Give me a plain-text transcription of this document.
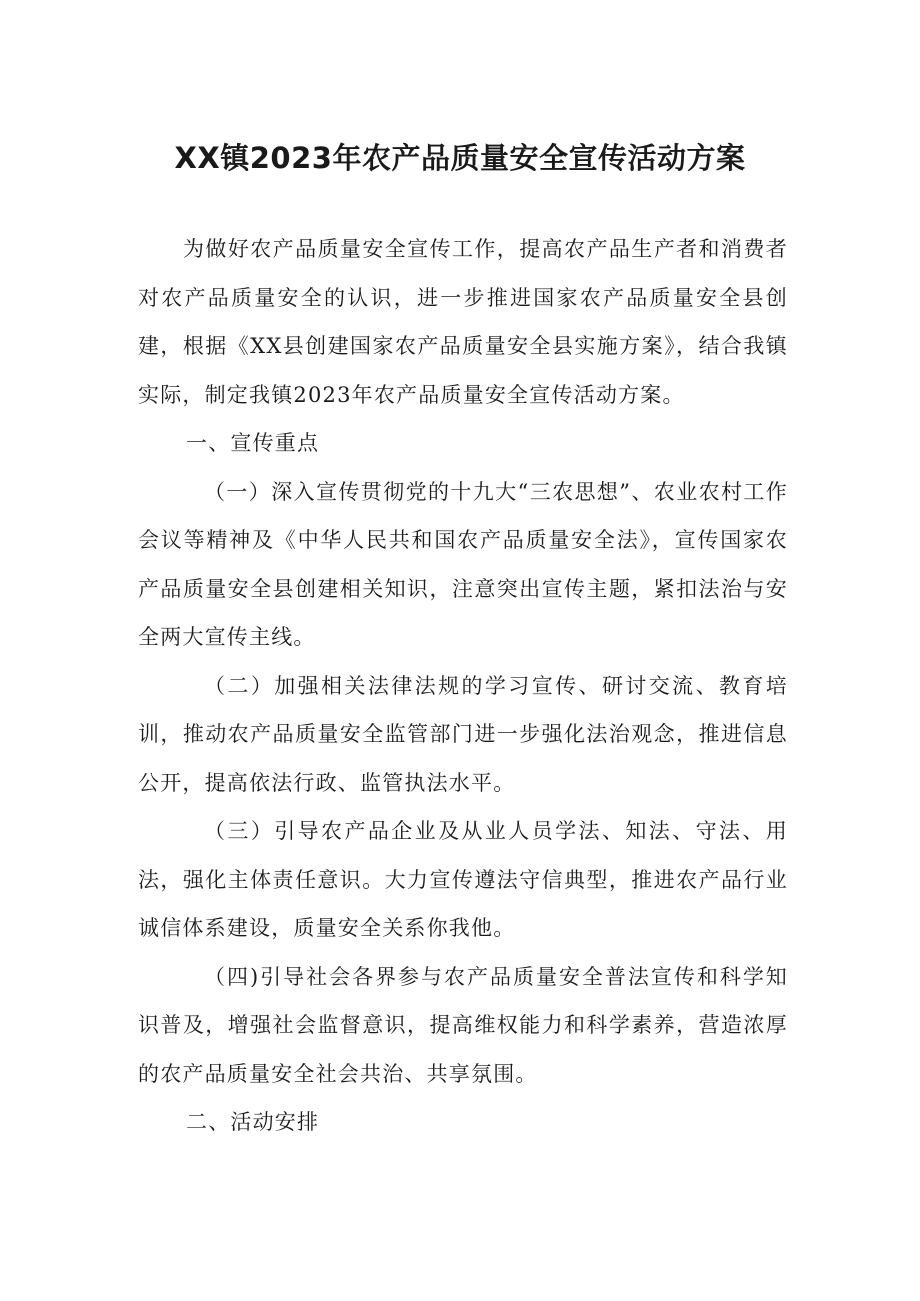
XX镇2023年农产品质量安全宣传活动方案

为做好农产品质量安全宣传工作，提高农产品生产者和消费者对农产品质量安全的认识，进一步推进国家农产品质量安全县创建，根据《XX县创建国家农产品质量安全县实施方案》，结合我镇实际，制定我镇2023年农产品质量安全宣传活动方案。

一、宣传重点

（一）深入宣传贯彻党的十九大“三农思想”、农业农村工作会议等精神及《中华人民共和国农产品质量安全法》，宣传国家农产品质量安全县创建相关知识，注意突出宣传主题，紧扣法治与安全两大宣传主线。

（二）加强相关法律法规的学习宣传、研讨交流、教育培训，推动农产品质量安全监管部门进一步强化法治观念，推进信息公开，提高依法行政、监管执法水平。

（三）引导农产品企业及从业人员学法、知法、守法、用法，强化主体责任意识。大力宣传遵法守信典型，推进农产品行业诚信体系建设，质量安全关系你我他。

（四)引导社会各界参与农产品质量安全普法宣传和科学知识普及，增强社会监督意识，提高维权能力和科学素养，营造浓厚的农产品质量安全社会共治、共享氛围。

二、活动安排
